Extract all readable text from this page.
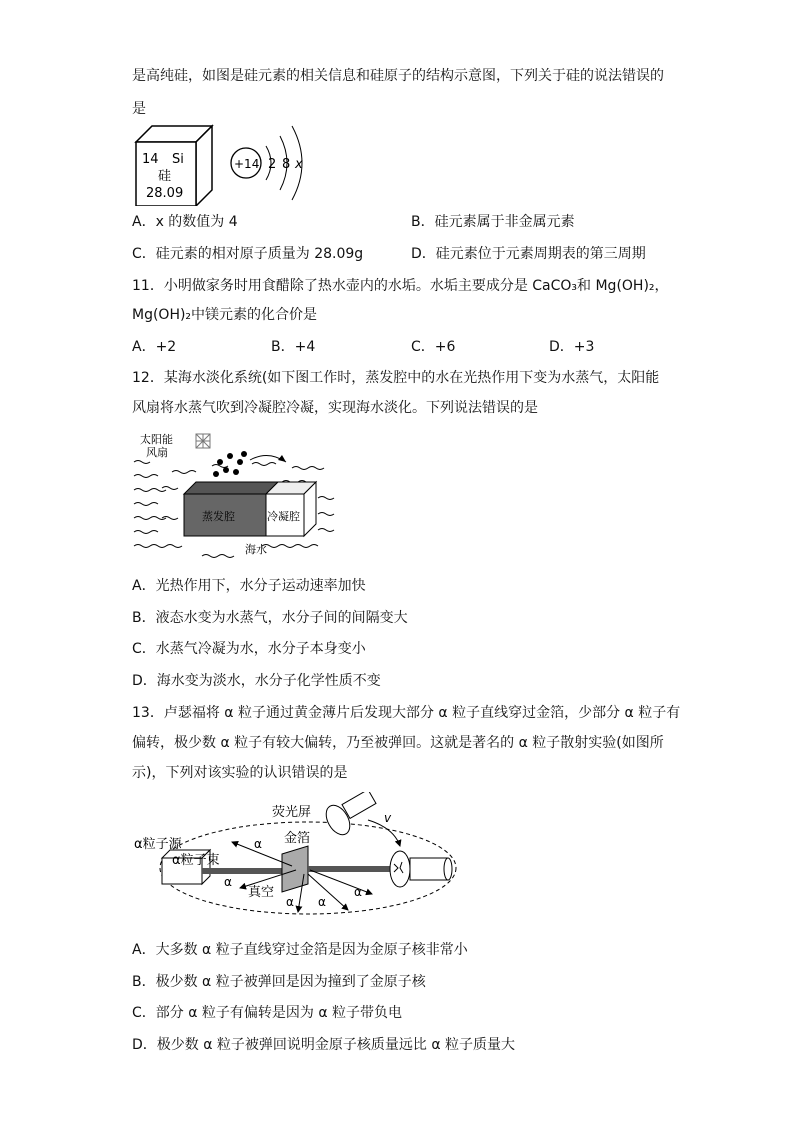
是高纯硅，如图是硅元素的相关信息和硅原子的结构示意图，下列关于硅的说法错误的
是
14 Si
硅
28.09
+14 2 8 x
A．x 的数值为 4	B．硅元素属于非金属元素
C．硅元素的相对原子质量为 28.09g	D．硅元素位于元素周期表的第三周期
11．小明做家务时用食醋除了热水壶内的水垢。水垢主要成分是 CaCO₃和 Mg(OH)₂，
Mg(OH)₂中镁元素的化合价是
A．+2	B．+4	C．+6	D．+3
12．某海水淡化系统(如下图工作时，蒸发腔中的水在光热作用下变为水蒸气，太阳能
风扇将水蒸气吹到冷凝腔冷凝，实现海水淡化。下列说法错误的是
太阳能
风扇
蒸发腔	冷凝腔
海水
A．光热作用下，水分子运动速率加快
B．液态水变为水蒸气，水分子间的间隔变大
C．水蒸气冷凝为水，水分子本身变小
D．海水变为淡水，水分子化学性质不变
13．卢瑟福将 α 粒子通过黄金薄片后发现大部分 α 粒子直线穿过金箔，少部分 α 粒子有
偏转，极少数 α 粒子有较大偏转，乃至被弹回。这就是著名的 α 粒子散射实验(如图所
示)，下列对该实验的认识错误的是
荧光屏
金箔
α粒子源
α粒子束
真空
α
α
α α
α
v
A．大多数 α 粒子直线穿过金箔是因为金原子核非常小
B．极少数 α 粒子被弹回是因为撞到了金原子核
C．部分 α 粒子有偏转是因为 α 粒子带负电
D．极少数 α 粒子被弹回说明金原子核质量远比 α 粒子质量大
